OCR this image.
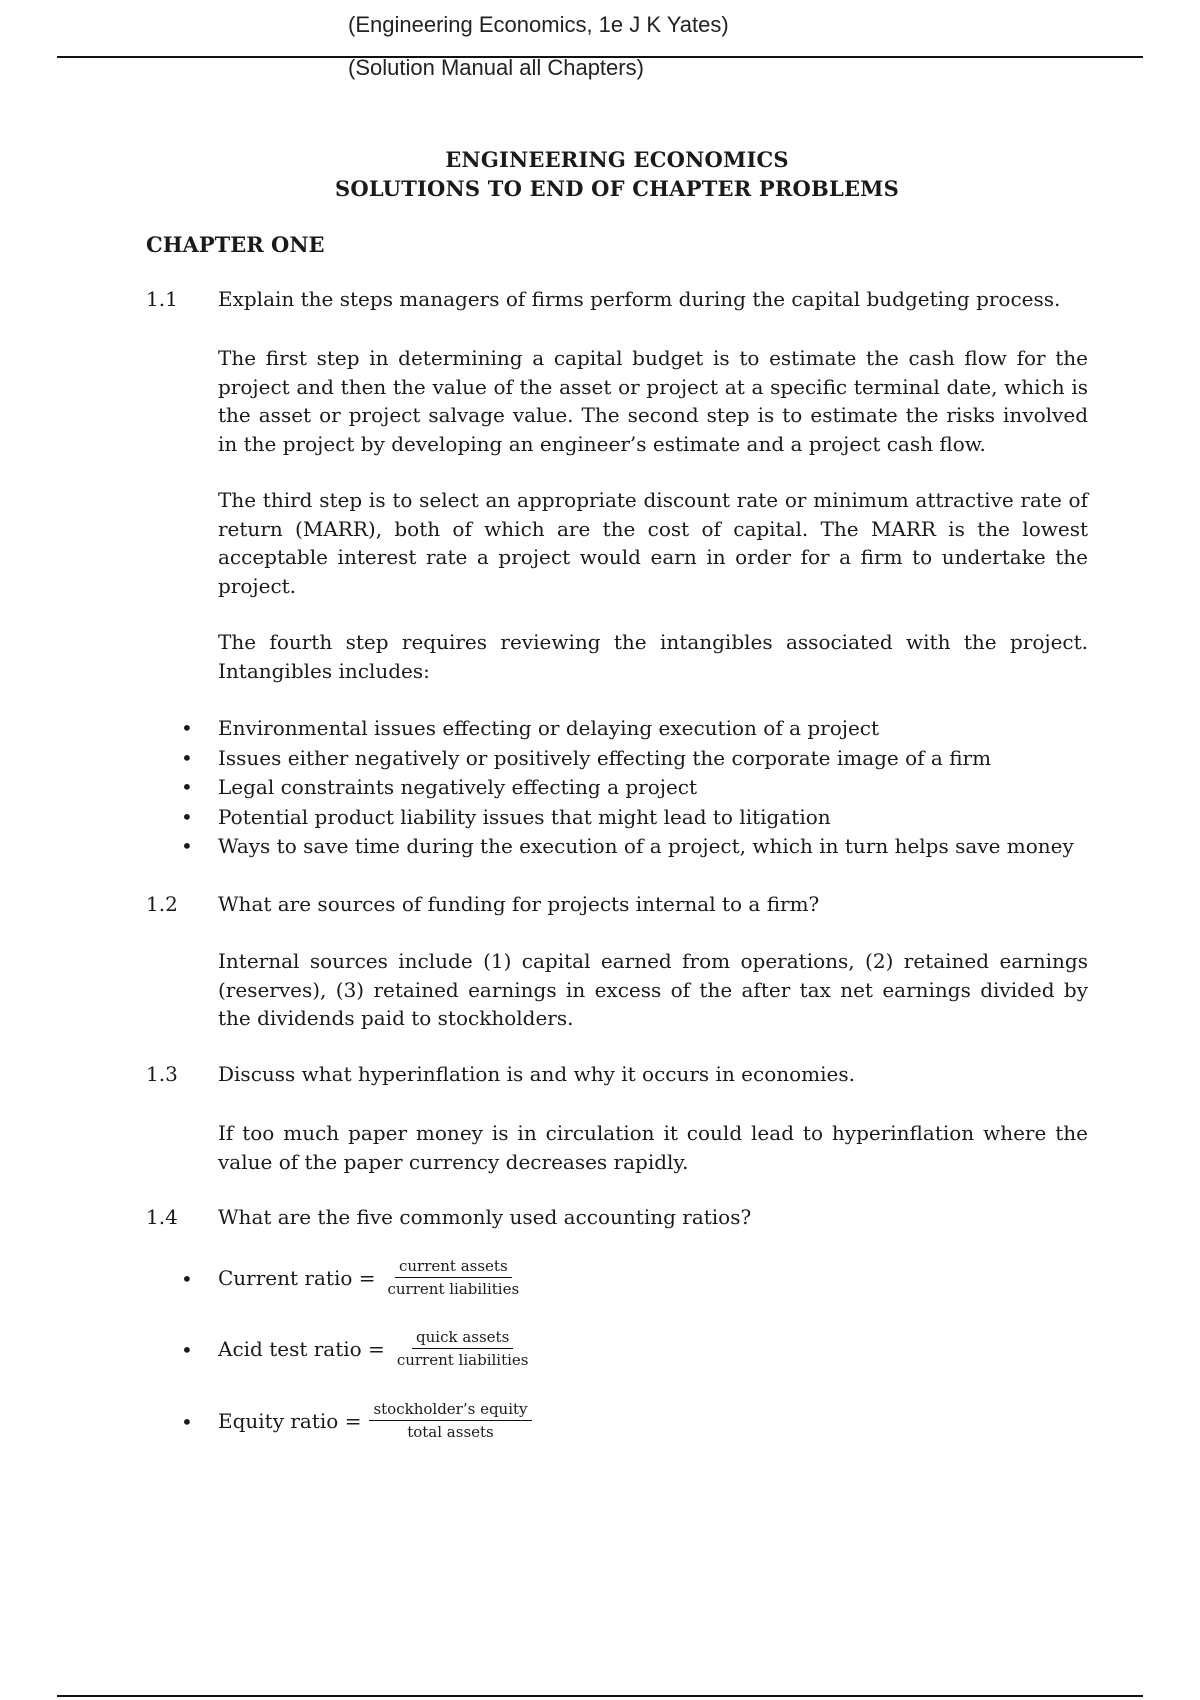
(Engineering Economics, 1e J K Yates)
(Solution Manual all Chapters)
ENGINEERING ECONOMICS
SOLUTIONS TO END OF CHAPTER PROBLEMS
CHAPTER ONE
1.1 Explain the steps managers of firms perform during the capital budgeting process.

The first step in determining a capital budget is to estimate the cash flow for the project and then the value of the asset or project at a specific terminal date, which is the asset or project salvage value. The second step is to estimate the risks involved in the project by developing an engineer’s estimate and a project cash flow.

The third step is to select an appropriate discount rate or minimum attractive rate of return (MARR), both of which are the cost of capital. The MARR is the lowest acceptable interest rate a project would earn in order for a firm to undertake the project.

The fourth step requires reviewing the intangibles associated with the project. Intangibles includes:

• Environmental issues effecting or delaying execution of a project
• Issues either negatively or positively effecting the corporate image of a firm
• Legal constraints negatively effecting a project
• Potential product liability issues that might lead to litigation
• Ways to save time during the execution of a project, which in turn helps save money
1.2 What are sources of funding for projects internal to a firm?

Internal sources include (1) capital earned from operations, (2) retained earnings (reserves), (3) retained earnings in excess of the after tax net earnings divided by the dividends paid to stockholders.

1.3 Discuss what hyperinflation is and why it occurs in economies.

If too much paper money is in circulation it could lead to hyperinflation where the value of the paper currency decreases rapidly.

1.4 What are the five commonly used accounting ratios?
• Current ratio = $\frac{\text{current assets}}{\text{current liabilities}}$
• Acid test ratio = $\frac{\text{quick assets}}{\text{current liabilities}}$
• Equity ratio = $\frac{\text{stockholder’s equity}}{\text{total assets}}$
